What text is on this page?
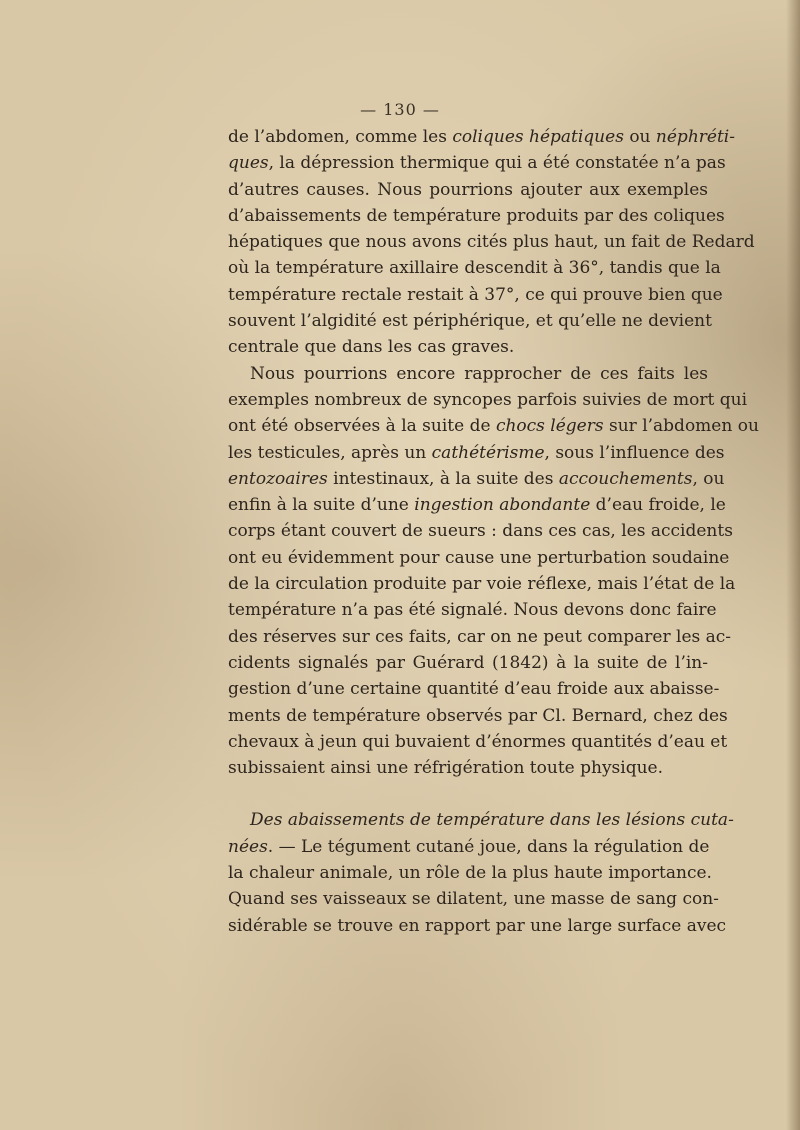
— 130 —
de l’abdomen, comme les coliques hépatiques ou néphréti-
ques, la dépression thermique qui a été constatée n’a pas
d’autres causes. Nous pourrions ajouter aux exemples
d’abaissements de température produits par des coliques
hépatiques que nous avons cités plus haut, un fait de Redard
où la température axillaire descendit à 36°, tandis que la
température rectale restait à 37°, ce qui prouve bien que
souvent l’algidité est périphérique, et qu’elle ne devient
centrale que dans les cas graves.
Nous pourrions encore rapprocher de ces faits les
exemples nombreux de syncopes parfois suivies de mort qui
ont été observées à la suite de chocs légers sur l’abdomen ou
les testicules, après un cathétérisme, sous l’influence des
entozoaires intestinaux, à la suite des accouchements, ou
enfin à la suite d’une ingestion abondante d’eau froide, le
corps étant couvert de sueurs : dans ces cas, les accidents
ont eu évidemment pour cause une perturbation soudaine
de la circulation produite par voie réflexe, mais l’état de la
température n’a pas été signalé. Nous devons donc faire
des réserves sur ces faits, car on ne peut comparer les ac-
cidents signalés par Guérard (1842) à la suite de l’in-
gestion d’une certaine quantité d’eau froide aux abaisse-
ments de température observés par Cl. Bernard, chez des
chevaux à jeun qui buvaient d’énormes quantités d’eau et
subissaient ainsi une réfrigération toute physique.
Des abaissements de température dans les lésions cuta-
nées. — Le tégument cutané joue, dans la régulation de
la chaleur animale, un rôle de la plus haute importance.
Quand ses vaisseaux se dilatent, une masse de sang con-
sidérable se trouve en rapport par une large surface avec
